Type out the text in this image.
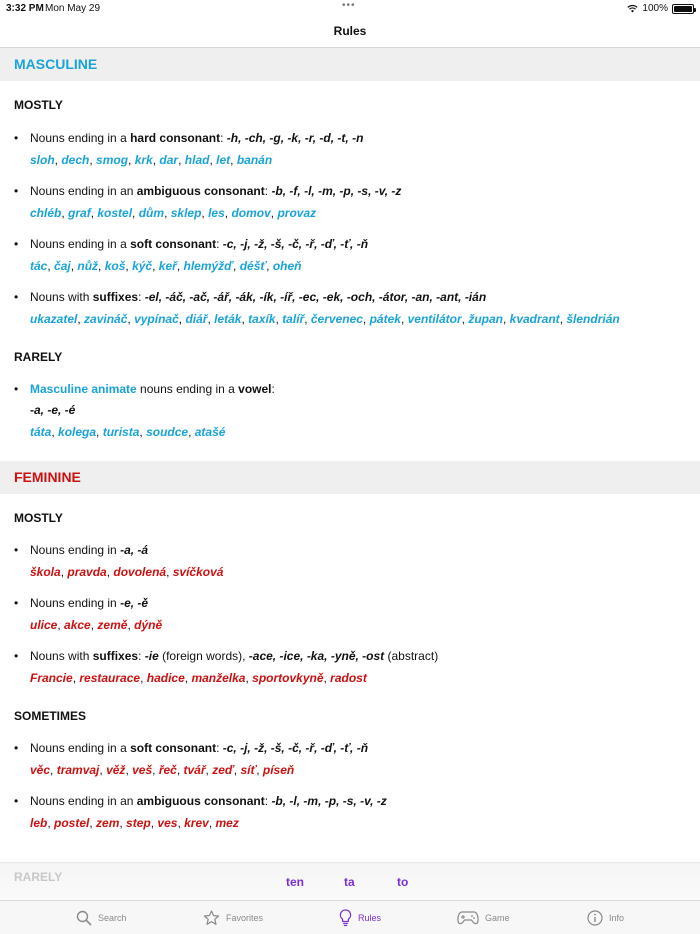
3:32 PM Mon May 29	•••	100%
Rules
MASCULINE
MOSTLY
• Nouns ending in a hard consonant: -h, -ch, -g, -k, -r, -d, -t, -n
sloh, dech, smog, krk, dar, hlad, let, banán
• Nouns ending in an ambiguous consonant: -b, -f, -l, -m, -p, -s, -v, -z
chléb, graf, kostel, dům, sklep, les, domov, provaz
• Nouns ending in a soft consonant: -c, -j, -ž, -š, -č, -ř, -ď, -ť, -ň
tác, čaj, nůž, koš, kýč, keř, hlemýžď, déšť, oheň
• Nouns with suffixes: -el, -áč, -ač, -ář, -ák, -ík, -íř, -ec, -ek, -och, -átor, -an, -ant, -ián
ukazatel, zavináč, vypínač, diář, leták, taxík, talíř, červenec, pátek, ventilátor, župan, kvadrant, šlendrián
RARELY
• Masculine animate nouns ending in a vowel:
-a, -e, -é
táta, kolega, turista, soudce, atašé
FEMININE
MOSTLY
• Nouns ending in -a, -á
škola, pravda, dovolená, svíčková
• Nouns ending in -e, -ě
ulice, akce, země, dýně
• Nouns with suffixes: -ie (foreign words), -ace, -ice, -ka, -yně, -ost (abstract)
Francie, restaurace, hadice, manželka, sportovkyně, radost
SOMETIMES
• Nouns ending in a soft consonant: -c, -j, -ž, -š, -č, -ř, -ď, -ť, -ň
věc, tramvaj, věž, veš, řeč, tvář, zeď, síť, píseň
• Nouns ending in an ambiguous consonant: -b, -l, -m, -p, -s, -v, -z
leb, postel, zem, step, ves, krev, mez
RARELY	ten	ta	to
Search	Favorites	Rules	Game	Info
